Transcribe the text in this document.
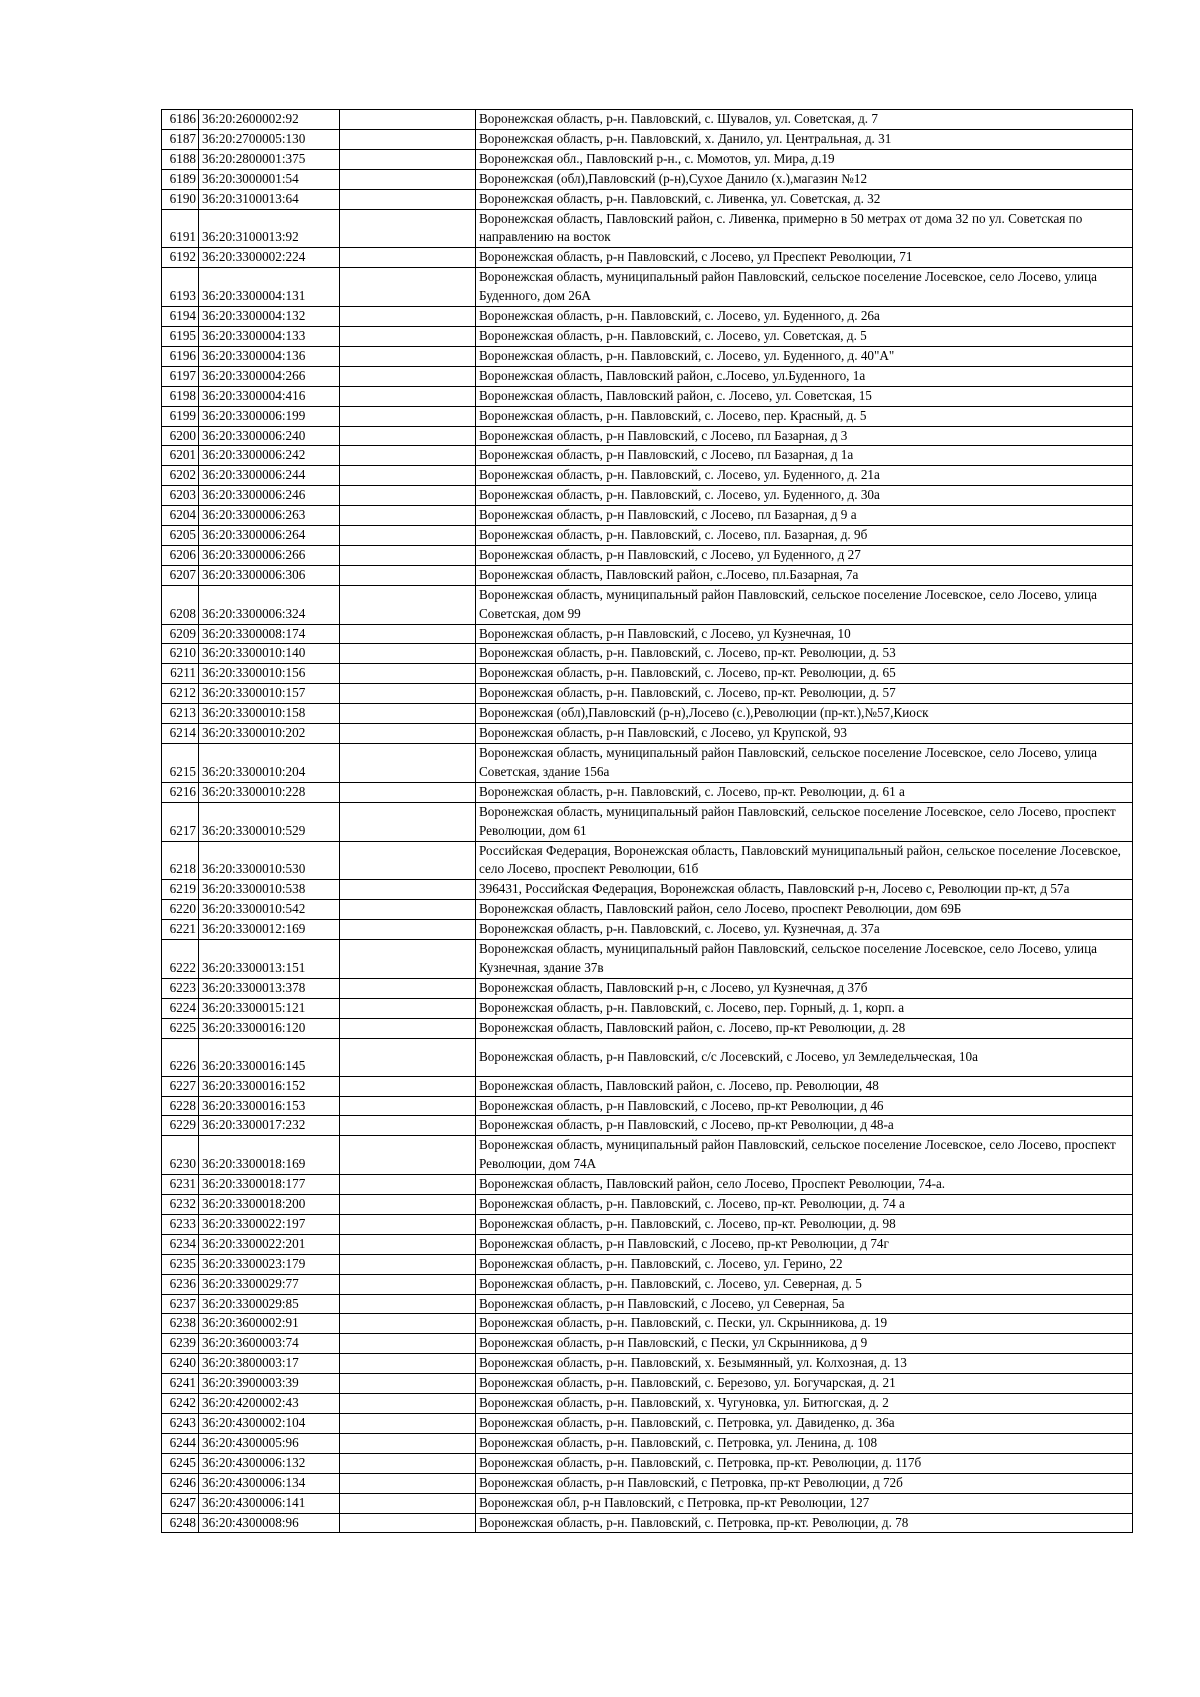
6186	36:20:2600002:92		Воронежская область, р-н. Павловский, с. Шувалов, ул. Советская, д. 7
6187	36:20:2700005:130		Воронежская область, р-н. Павловский, х. Данило, ул. Центральная, д. 31
6188	36:20:2800001:375		Воронежская обл., Павловский р-н., с. Момотов, ул. Мира, д.19
6189	36:20:3000001:54		Воронежская (обл),Павловский (р-н),Сухое Данило (х.),магазин №12
6190	36:20:3100013:64		Воронежская область, р-н. Павловский, с. Ливенка, ул. Советская, д. 32
6191	36:20:3100013:92		Воронежская область, Павловский район, с. Ливенка, примерно в 50 метрах от дома 32 по ул. Советская по направлению на восток
6192	36:20:3300002:224		Воронежская область, р-н Павловский, с Лосево, ул Преспект Революции, 71
6193	36:20:3300004:131		Воронежская область, муниципальный район Павловский, сельское поселение Лосевское, село Лосево, улица Буденного, дом 26А
6194	36:20:3300004:132		Воронежская область, р-н. Павловский, с. Лосево, ул. Буденного, д. 26а
6195	36:20:3300004:133		Воронежская область, р-н. Павловский, с. Лосево, ул. Советская, д. 5
6196	36:20:3300004:136		Воронежская область, р-н. Павловский, с. Лосево, ул. Буденного, д. 40"А"
6197	36:20:3300004:266		Воронежская область, Павловский район, с.Лосево, ул.Буденного, 1а
6198	36:20:3300004:416		Воронежская область, Павловский район, с. Лосево, ул. Советская, 15
6199	36:20:3300006:199		Воронежская область, р-н. Павловский, с. Лосево, пер. Красный, д. 5
6200	36:20:3300006:240		Воронежская область, р-н Павловский, с Лосево, пл Базарная, д 3
6201	36:20:3300006:242		Воронежская область, р-н Павловский, с Лосево, пл Базарная, д 1а
6202	36:20:3300006:244		Воронежская область, р-н. Павловский, с. Лосево, ул. Буденного, д. 21а
6203	36:20:3300006:246		Воронежская область, р-н. Павловский, с. Лосево, ул. Буденного, д. 30а
6204	36:20:3300006:263		Воронежская область, р-н Павловский, с Лосево, пл Базарная, д 9 а
6205	36:20:3300006:264		Воронежская область, р-н. Павловский, с. Лосево, пл. Базарная, д. 9б
6206	36:20:3300006:266		Воронежская область, р-н Павловский, с Лосево, ул Буденного, д 27
6207	36:20:3300006:306		Воронежская область, Павловский район, с.Лосево, пл.Базарная, 7а
6208	36:20:3300006:324		Воронежская область, муниципальный район Павловский, сельское поселение Лосевское, село Лосево, улица Советская, дом 99
6209	36:20:3300008:174		Воронежская область, р-н Павловский, с Лосево, ул Кузнечная, 10
6210	36:20:3300010:140		Воронежская область, р-н. Павловский, с. Лосево, пр-кт. Революции, д. 53
6211	36:20:3300010:156		Воронежская область, р-н. Павловский, с. Лосево, пр-кт. Революции, д. 65
6212	36:20:3300010:157		Воронежская область, р-н. Павловский, с. Лосево, пр-кт. Революции, д. 57
6213	36:20:3300010:158		Воронежская (обл),Павловский (р-н),Лосево (с.),Революции (пр-кт.),№57,Киоск
6214	36:20:3300010:202		Воронежская область, р-н Павловский, с Лосево, ул Крупской, 93
6215	36:20:3300010:204		Воронежская область, муниципальный район Павловский, сельское поселение Лосевское, село Лосево, улица Советская, здание 156а
6216	36:20:3300010:228		Воронежская область, р-н. Павловский, с. Лосево, пр-кт. Революции, д. 61 а
6217	36:20:3300010:529		Воронежская область, муниципальный район Павловский, сельское поселение Лосевское, село Лосево, проспект Революции, дом 61
6218	36:20:3300010:530		Российская Федерация, Воронежская область, Павловский муниципальный район, сельское поселение Лосевское, село Лосево, проспект Революции, 61б
6219	36:20:3300010:538		396431, Российская Федерация, Воронежская область, Павловский р-н, Лосево с, Революции пр-кт, д 57а
6220	36:20:3300010:542		Воронежская область, Павловский район, село Лосево, проспект Революции, дом 69Б
6221	36:20:3300012:169		Воронежская область, р-н. Павловский, с. Лосево, ул. Кузнечная, д. 37а
6222	36:20:3300013:151		Воронежская область, муниципальный район Павловский, сельское поселение Лосевское, село Лосево, улица Кузнечная, здание 37в
6223	36:20:3300013:378		Воронежская область, Павловский р-н, с Лосево, ул Кузнечная, д 37б
6224	36:20:3300015:121		Воронежская область, р-н. Павловский, с. Лосево, пер. Горный, д. 1, корп. а
6225	36:20:3300016:120		Воронежская область, Павловский район, с. Лосево, пр-кт Революции, д. 28
6226	36:20:3300016:145		Воронежская область, р-н Павловский, с/с Лосевский, с Лосево, ул Земледельческая, 10а
6227	36:20:3300016:152		Воронежская область, Павловский район, с. Лосево, пр. Революции, 48
6228	36:20:3300016:153		Воронежская область, р-н Павловский, с Лосево, пр-кт Революции, д 46
6229	36:20:3300017:232		Воронежская область, р-н Павловский, с Лосево, пр-кт Революции, д 48-а
6230	36:20:3300018:169		Воронежская область, муниципальный район Павловский, сельское поселение Лосевское, село Лосево, проспект Революции, дом 74А
6231	36:20:3300018:177		Воронежская область, Павловский район, село Лосево, Проспект Революции, 74-а.
6232	36:20:3300018:200		Воронежская область, р-н. Павловский, с. Лосево, пр-кт. Революции, д. 74 а
6233	36:20:3300022:197		Воронежская область, р-н. Павловский, с. Лосево, пр-кт. Революции, д. 98
6234	36:20:3300022:201		Воронежская область, р-н Павловский, с Лосево, пр-кт Революции, д 74г
6235	36:20:3300023:179		Воронежская область, р-н. Павловский, с. Лосево, ул. Герино, 22
6236	36:20:3300029:77		Воронежская область, р-н. Павловский, с. Лосево, ул. Северная, д. 5
6237	36:20:3300029:85		Воронежская область, р-н Павловский, с Лосево, ул Северная, 5а
6238	36:20:3600002:91		Воронежская область, р-н. Павловский, с. Пески, ул. Скрынникова, д. 19
6239	36:20:3600003:74		Воронежская область, р-н Павловский, с Пески, ул Скрынникова, д 9
6240	36:20:3800003:17		Воронежская область, р-н. Павловский, х. Безымянный, ул. Колхозная, д. 13
6241	36:20:3900003:39		Воронежская область, р-н. Павловский, с. Березово, ул. Богучарская, д. 21
6242	36:20:4200002:43		Воронежская область, р-н. Павловский, х. Чугуновка, ул. Битюгская, д. 2
6243	36:20:4300002:104		Воронежская область, р-н. Павловский, с. Петровка, ул. Давиденко, д. 36а
6244	36:20:4300005:96		Воронежская область, р-н. Павловский, с. Петровка, ул. Ленина, д. 108
6245	36:20:4300006:132		Воронежская область, р-н. Павловский, с. Петровка, пр-кт. Революции, д. 117б
6246	36:20:4300006:134		Воронежская область, р-н Павловский, с Петровка, пр-кт Революции, д 72б
6247	36:20:4300006:141		Воронежская обл, р-н Павловский, с Петровка, пр-кт Революции, 127
6248	36:20:4300008:96		Воронежская область, р-н. Павловский, с. Петровка, пр-кт. Революции, д. 78
